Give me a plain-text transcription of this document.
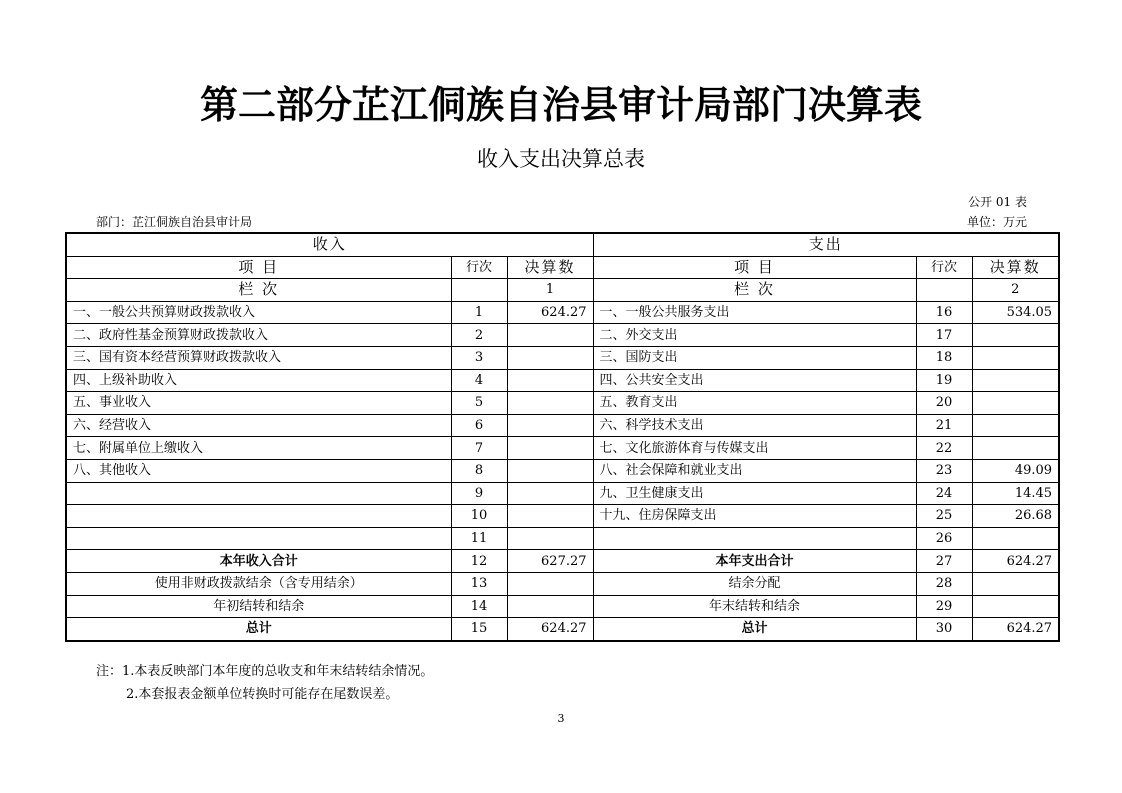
第二部分芷江侗族自治县审计局部门决算表
收入支出决算总表
公开 01 表
部门：芷江侗族自治县审计局	单位：万元
收入			支出		
项 目	行次	决算数	项 目	行次	决算数
栏 次		1	栏 次		2
一、一般公共预算财政拨款收入	1	624.27	一、一般公共服务支出	16	534.05
二、政府性基金预算财政拨款收入	2		二、外交支出	17	
三、国有资本经营预算财政拨款收入	3		三、国防支出	18	
四、上级补助收入	4		四、公共安全支出	19	
五、事业收入	5		五、教育支出	20	
六、经营收入	6		六、科学技术支出	21	
七、附属单位上缴收入	7		七、文化旅游体育与传媒支出	22	
八、其他收入	8		八、社会保障和就业支出	23	49.09
	9		九、卫生健康支出	24	14.45
	10		十九、住房保障支出	25	26.68
	11			26	
本年收入合计	12	627.27	本年支出合计	27	624.27
使用非财政拨款结余（含专用结余）	13		结余分配	28	
年初结转和结余	14		年末结转和结余	29	
总计	15	624.27	总计	30	624.27
注：1.本表反映部门本年度的总收支和年末结转结余情况。
2.本套报表金额单位转换时可能存在尾数误差。
3
